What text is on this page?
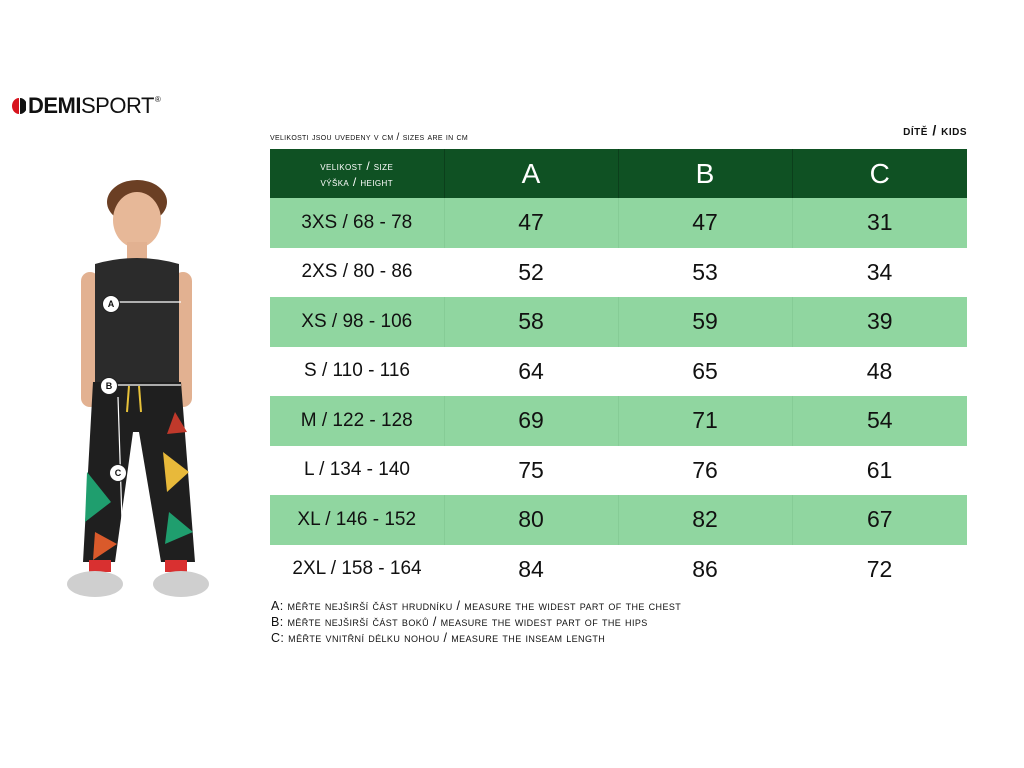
DEMI SPORT ®
velikosti jsou uvedeny v cm / sizes are in cm	dítě / kids
velikost / size
výška / height	A	B	C
3XS / 68 - 78	47	47	31
2XS / 80 - 86	52	53	34
XS / 98 - 106	58	59	39
S / 110 - 116	64	65	48
M / 122 - 128	69	71	54
L / 134 - 140	75	76	61
XL / 146 - 152	80	82	67
2XL / 158 - 164	84	86	72
A: měřte nejširší část hrudníku / measure the widest part of the chest
B: měřte nejširší část boků / measure the widest part of the hips
C: měřte vnitřní délku nohou / measure the inseam length
A
B
C
